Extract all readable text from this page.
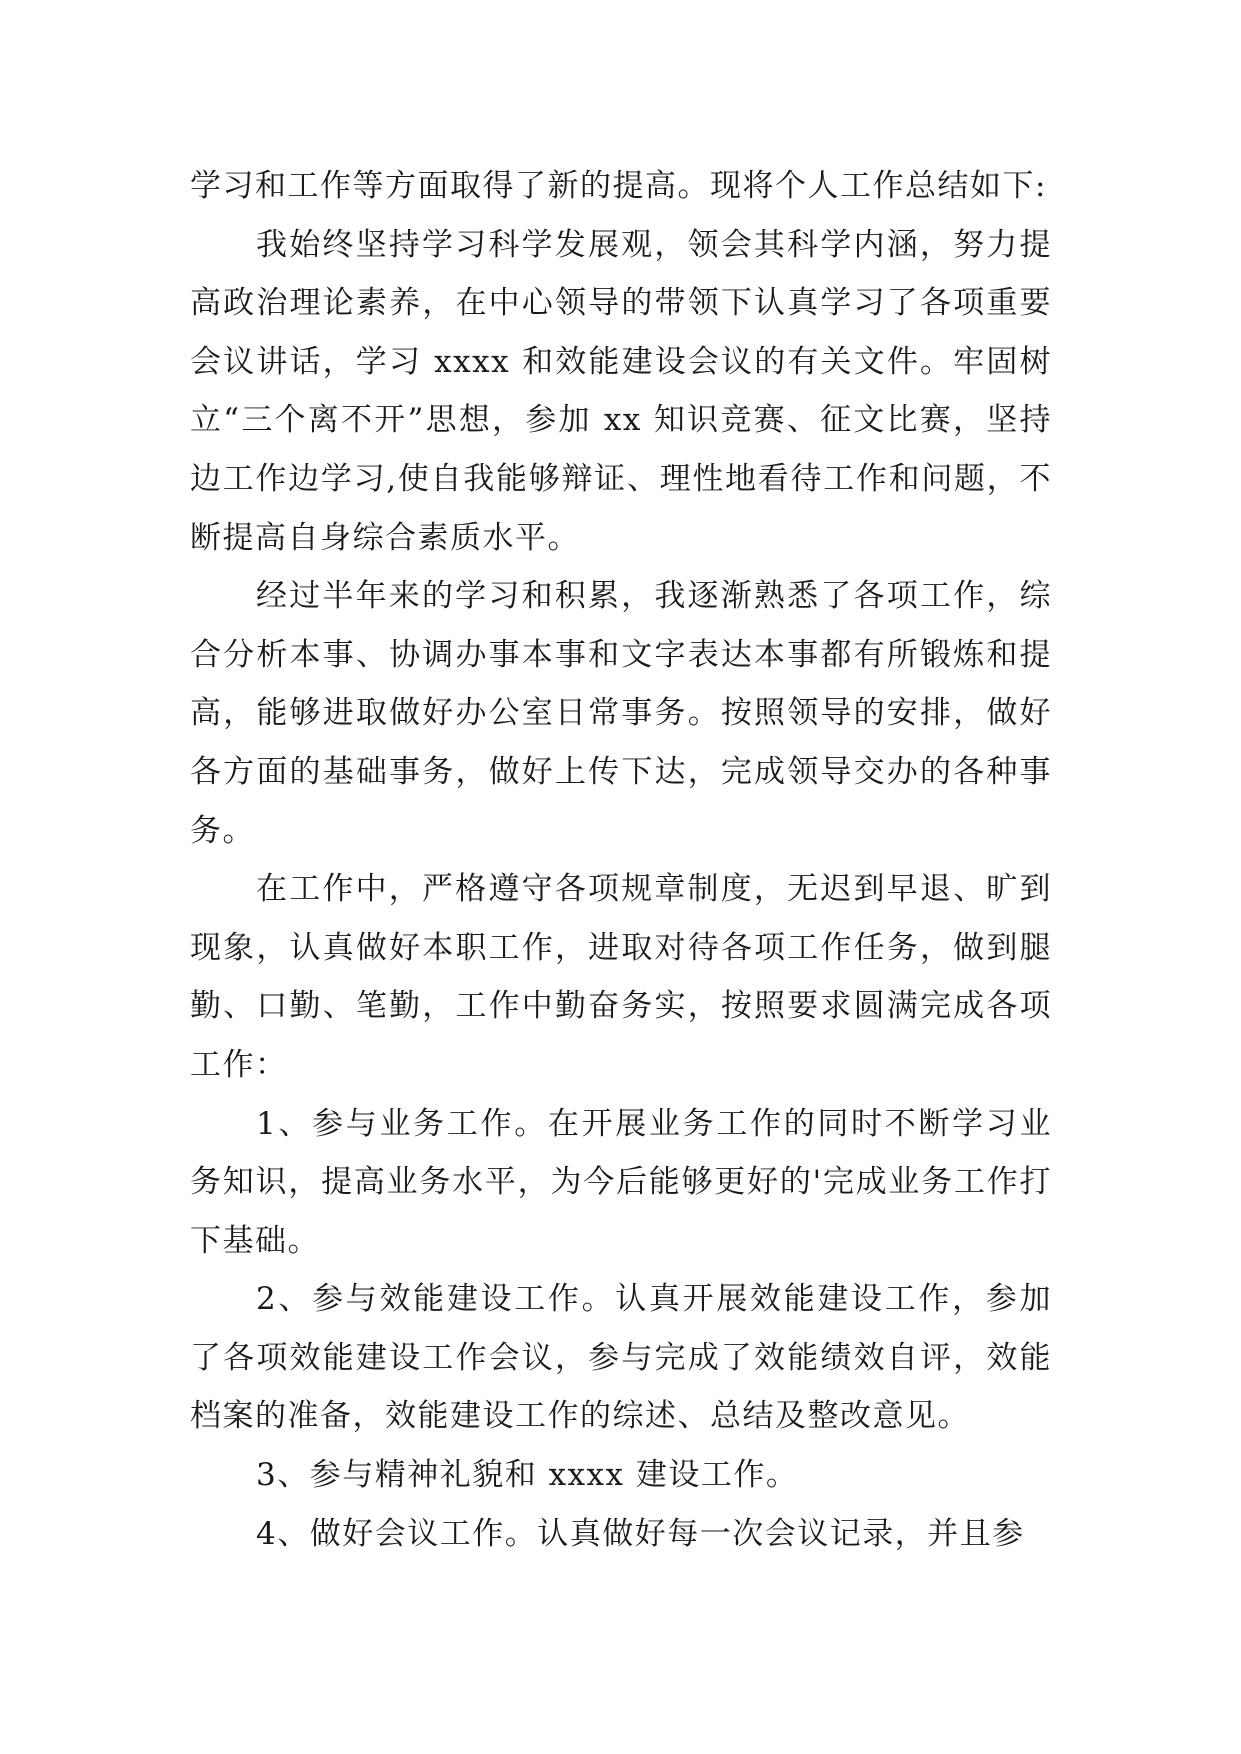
学习和工作等方面取得了新的提高。现将个人工作总结如下:

我始终坚持学习科学发展观，领会其科学内涵，努力提高政治理论素养，在中心领导的带领下认真学习了各项重要会议讲话，学习 xxxx 和效能建设会议的有关文件。牢固树立“三个离不开”思想，参加 xx 知识竞赛、征文比赛，坚持边工作边学习,使自我能够辩证、理性地看待工作和问题，不断提高自身综合素质水平。

经过半年来的学习和积累，我逐渐熟悉了各项工作，综合分析本事、协调办事本事和文字表达本事都有所锻炼和提高，能够进取做好办公室日常事务。按照领导的安排，做好各方面的基础事务，做好上传下达，完成领导交办的各种事务。

在工作中，严格遵守各项规章制度，无迟到早退、旷到现象，认真做好本职工作，进取对待各项工作任务，做到腿勤、口勤、笔勤，工作中勤奋务实，按照要求圆满完成各项工作：

1、参与业务工作。在开展业务工作的同时不断学习业务知识，提高业务水平，为今后能够更好的'完成业务工作打下基础。

2、参与效能建设工作。认真开展效能建设工作，参加了各项效能建设工作会议，参与完成了效能绩效自评，效能档案的准备，效能建设工作的综述、总结及整改意见。

3、参与精神礼貌和 xxxx 建设工作。

4、做好会议工作。认真做好每一次会议记录，并且参
